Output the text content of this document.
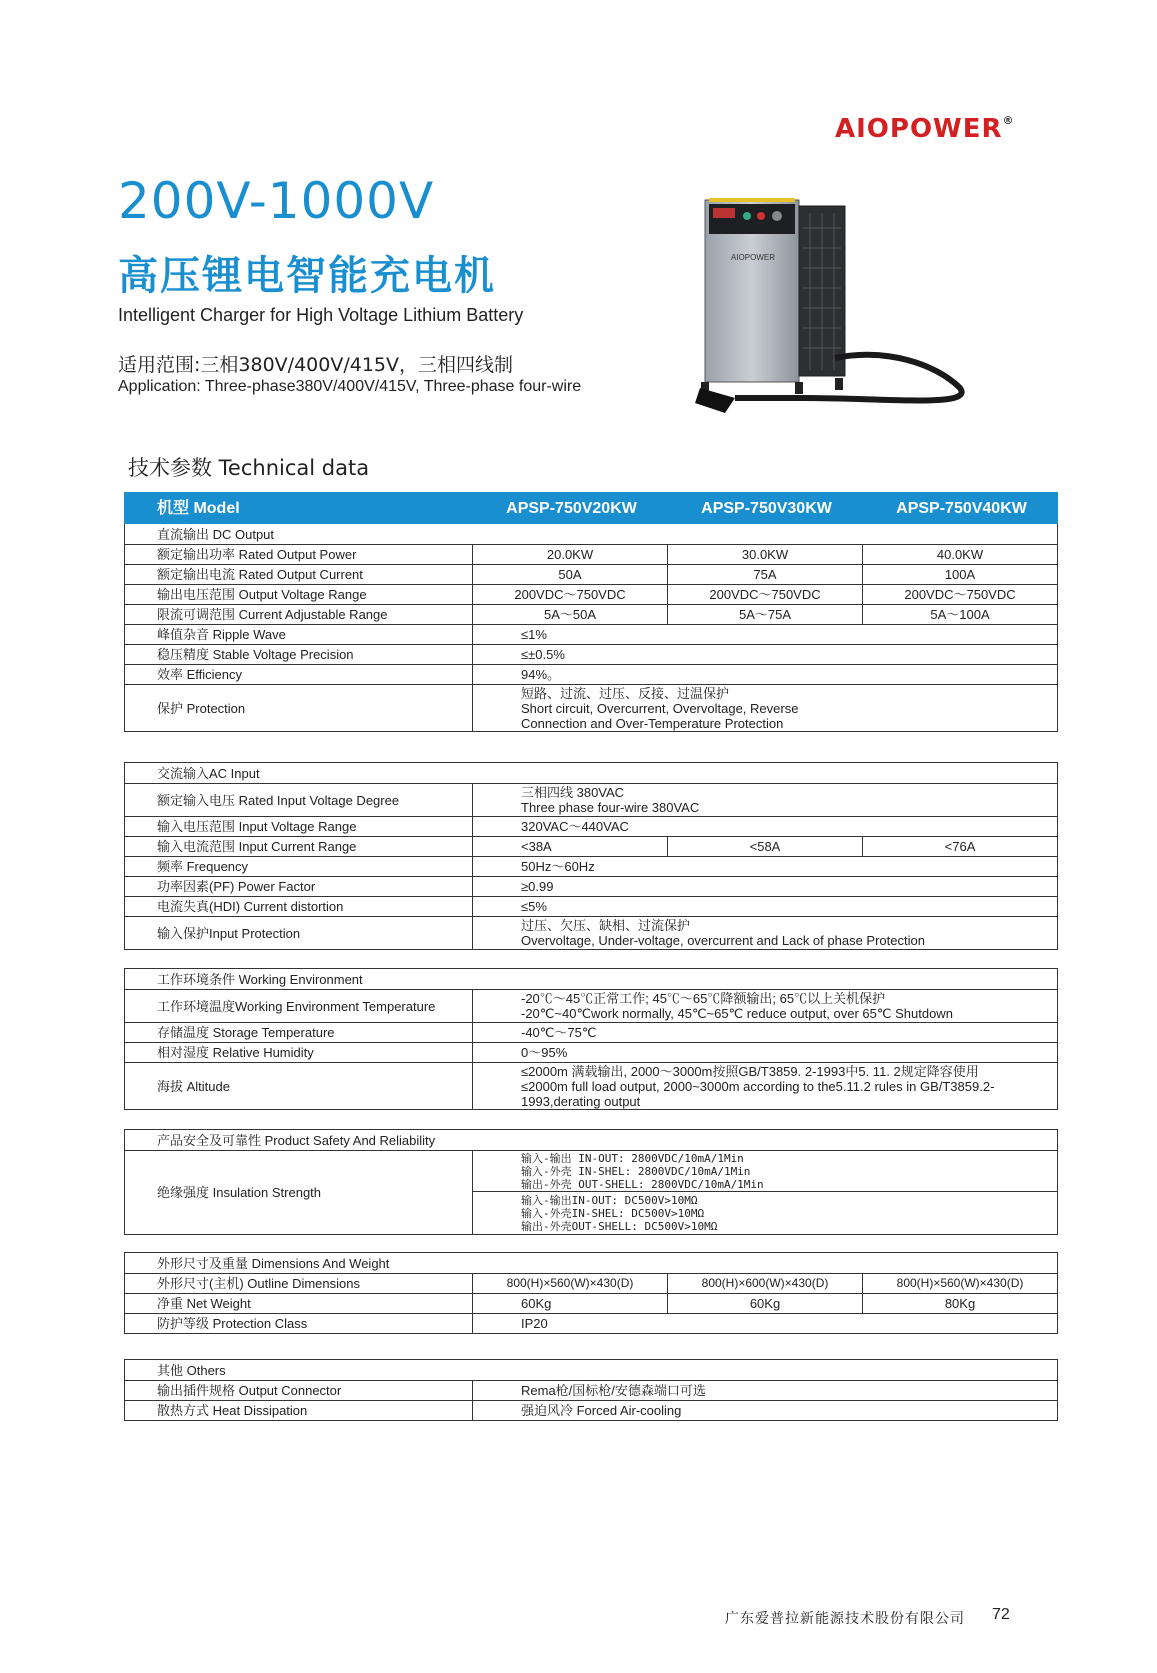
AIOPOWER®
200V-1000V
高压锂电智能充电机
Intelligent Charger for High Voltage Lithium Battery
适用范围:三相380V/400V/415V，三相四线制
Application: Three-phase380V/400V/415V, Three-phase four-wire
AIOPOWER
技术参数 Technical data
机型 Model	APSP-750V20KW	APSP-750V30KW	APSP-750V40KW
直流输出 DC Output			
额定输出功率 Rated Output Power	20.0KW	30.0KW	40.0KW
额定输出电流 Rated Output Current	50A	75A	100A
输出电压范围 Output Voltage Range	200VDC～750VDC	200VDC～750VDC	200VDC～750VDC
限流可调范围 Current Adjustable Range	5A～50A	5A～75A	5A～100A
峰值杂音 Ripple Wave	≤1%		
稳压精度 Stable Voltage Precision	≤±0.5%		
效率 Efficiency	94%。		
保护 Protection	短路、过流、过压、反接、过温保护
Short circuit, Overcurrent, Overvoltage, Reverse
Connection and Over-Temperature Protection		
交流输入AC Input			
额定输入电压 Rated Input Voltage Degree	三相四线 380VAC
Three phase four-wire 380VAC		

输入电压范围 Input Voltage Range	320VAC～440VAC		
输入电流范围 Input Current Range	<38A	<58A	<76A
频率 Frequency	50Hz～60Hz		
功率因素(PF) Power Factor	≥0.99		
电流失真(HDI) Current distortion	≤5%		
输入保护Input Protection	过压、欠压、缺相、过流保护
Overvoltage, Under-voltage, overcurrent and Lack of phase Protection		
工作环境条件 Working Environment	
工作环境温度Working Environment Temperature	-20℃～45℃正常工作; 45℃～65℃降额输出; 65℃以上关机保护
-20℃~40℃work normally, 45℃~65℃ reduce output, over 65℃ Shutdown

存储温度 Storage Temperature	-40℃～75℃
相对湿度 Relative Humidity	0～95%
海拔 Altitude	≤2000m 满载输出, 2000～3000m按照GB/T3859. 2-1993中5. 11. 2规定降容使用
≤2000m full load output, 2000~3000m according to the5.11.2 rules in GB/T3859.2-
1993,derating output
产品安全及可靠性 Product Safety And Reliability
绝缘强度 Insulation Strength	
输入-输出 IN-OUT: 2800VDC/10mA/1Min
输入-外壳 IN-SHEL: 2800VDC/10mA/1Min
输出-外壳 OUT-SHELL: 2800VDC/10mA/1Min

输入-输出IN-OUT: DC500V>10MΩ
输入-外壳IN-SHEL: DC500V>10MΩ
输出-外壳OUT-SHELL: DC500V>10MΩ
外形尺寸及重量 Dimensions And Weight			
外形尺寸(主机) Outline Dimensions	800(H)×560(W)×430(D)	800(H)×600(W)×430(D)	800(H)×560(W)×430(D)
净重 Net Weight	60Kg	60Kg	80Kg
防护等级 Protection Class	IP20		
其他 Others	
输出插件规格 Output Connector	Rema枪/国标枪/安德森端口可选
散热方式 Heat Dissipation	强迫风冷 Forced Air-cooling
广东爱普拉新能源技术股份有限公司 72
